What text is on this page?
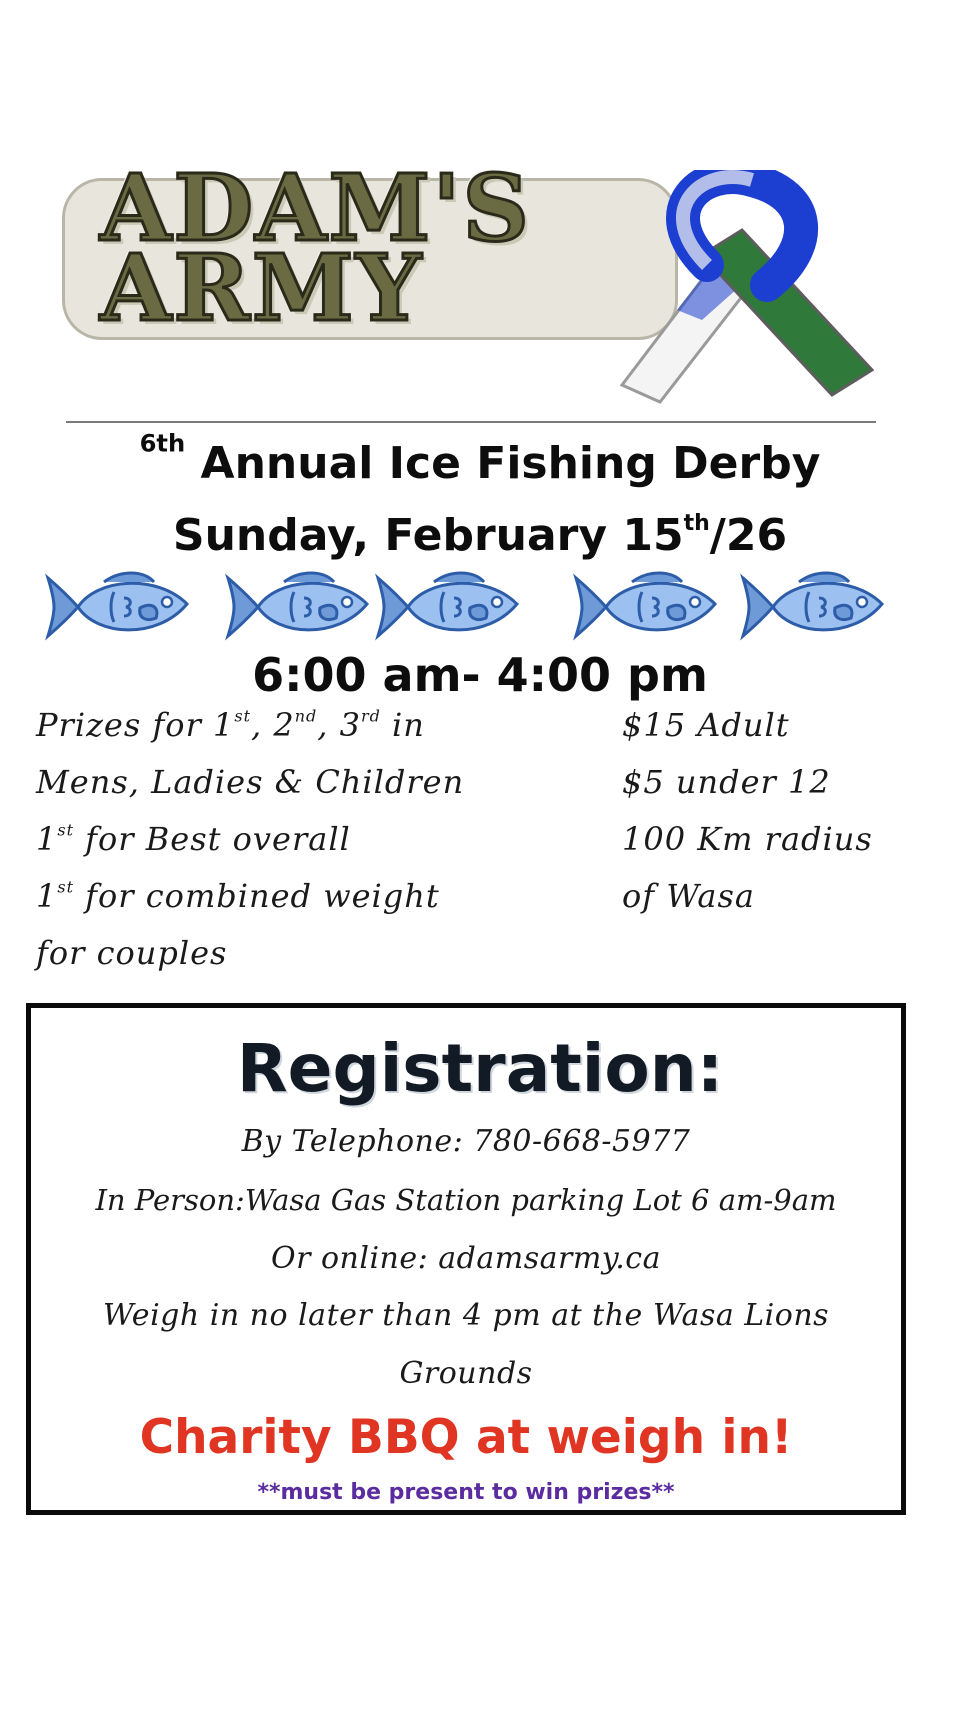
ADAM'S
ARMY
$^{6th}$ Annual Ice Fishing Derby
Sunday, February 15th/26
6:00 am- 4:00 pm
Prizes for 1st, 2nd, 3rd in
Mens, Ladies & Children
1st for Best overall
1st for combined weight
for couples
$15 Adult
$5 under 12
100 Km radius
of Wasa
Registration:
By Telephone: 780-668-5977
In Person:Wasa Gas Station parking Lot 6 am-9am
Or online: adamsarmy.ca
Weigh in no later than 4 pm at the Wasa Lions
Grounds
Charity BBQ at weigh in!
**must be present to win prizes**
